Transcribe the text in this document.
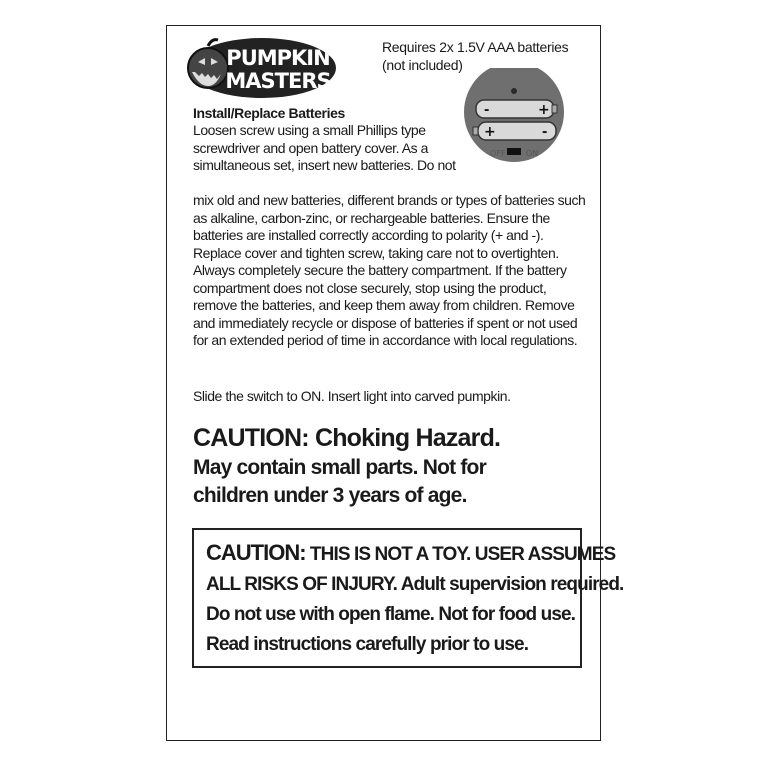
PUMPKIN
MASTERS
Requires 2x 1.5V AAA batteries
(not included)
-	+
+	-
OFF	ON
Install/Replace Batteries
Loosen screw using a small Phillips type screwdriver and open battery cover. As a simultaneous set, insert new batteries. Do not
mix old and new batteries, different brands or types of batteries such as alkaline, carbon-zinc, or rechargeable batteries. Ensure the batteries are installed correctly according to polarity (+ and -). Replace cover and tighten screw, taking care not to overtighten. Always completely secure the battery compartment. If the battery compartment does not close securely, stop using the product, remove the batteries, and keep them away from children. Remove and immediately recycle or dispose of batteries if spent or not used for an extended period of time in accordance with local regulations.
Slide the switch to ON. Insert light into carved pumpkin.
CAUTION: Choking Hazard.
May contain small parts. Not for
children under 3 years of age.
CAUTION: THIS IS NOT A TOY. USER ASSUMES
ALL RISKS OF INJURY. Adult supervision required.
Do not use with open flame. Not for food use.
Read instructions carefully prior to use.
